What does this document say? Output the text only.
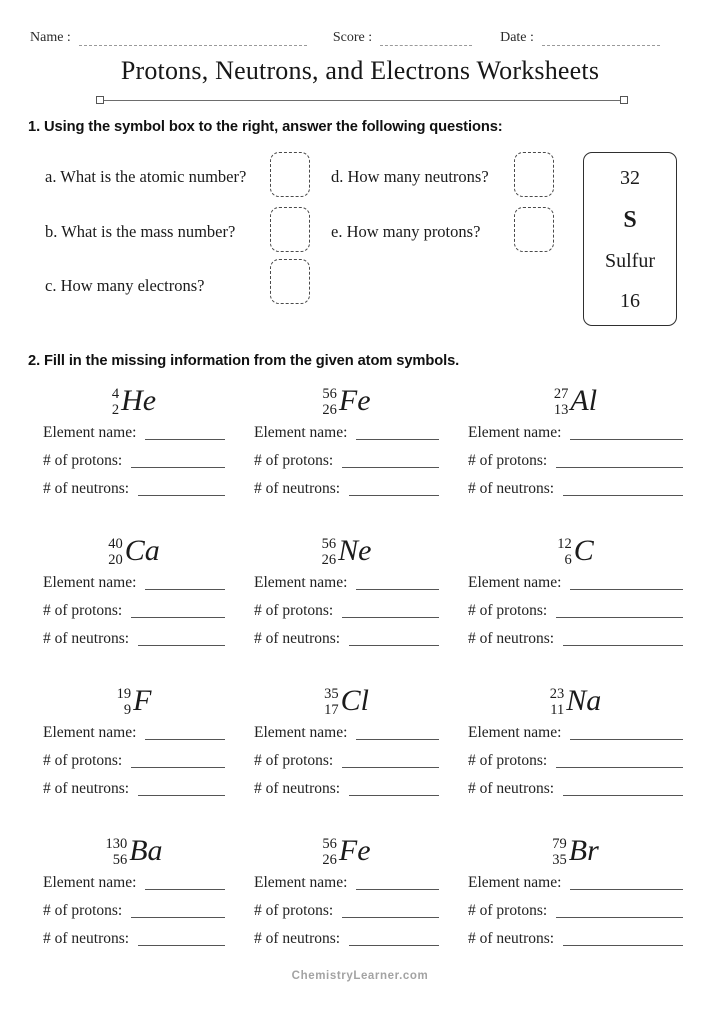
Name :	Score :	Date :
Protons, Neutrons, and Electrons Worksheets
1. Using the symbol box to the right, answer the following questions:
a. What is the atomic number?	d. How many neutrons?
b. What is the mass number?	e. How many protons?
c. How many electrons?
32
S
Sulfur
16
2. Fill in the missing information from the given atom symbols.
4
2 He
Element name:
# of protons:
# of neutrons:
56
26 Fe
Element name:
# of protons:
# of neutrons:
27
13 Al
Element name:
# of protons:
# of neutrons:
40
20 Ca
Element name:
# of protons:
# of neutrons:
56
26 Ne
Element name:
# of protons:
# of neutrons:
12
6 C
Element name:
# of protons:
# of neutrons:
19
9 F
Element name:
# of protons:
# of neutrons:
35
17 Cl
Element name:
# of protons:
# of neutrons:
23
11 Na
Element name:
# of protons:
# of neutrons:
130
56 Ba
Element name:
# of protons:
# of neutrons:
56
26 Fe
Element name:
# of protons:
# of neutrons:
79
35 Br
Element name:
# of protons:
# of neutrons:
ChemistryLearner.com
